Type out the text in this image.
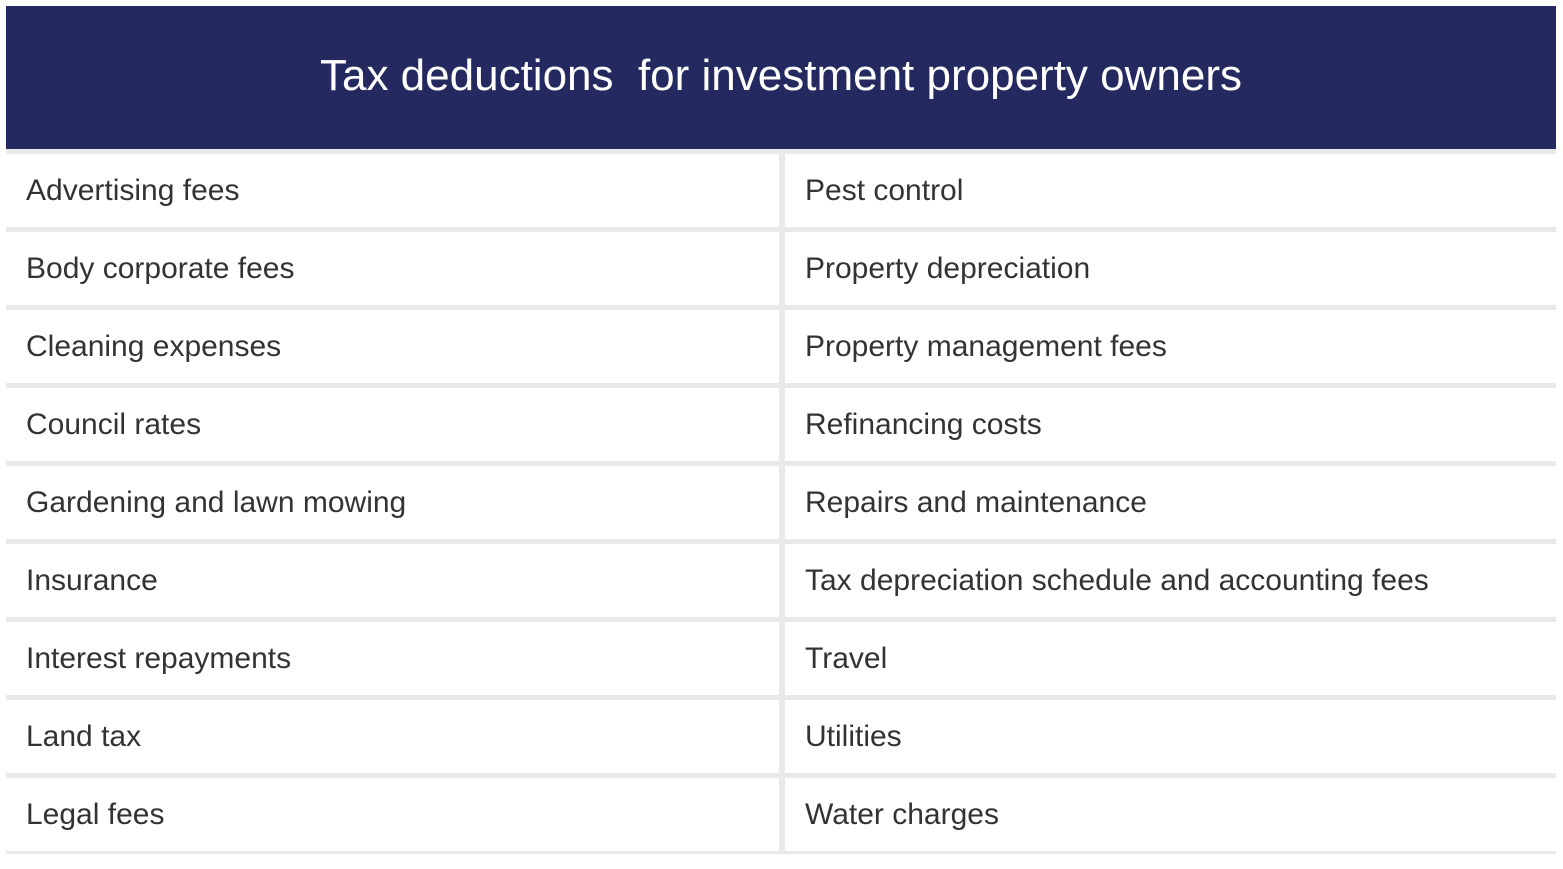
Tax deductions  for investment property owners
Advertising fees	Pest control
Body corporate fees	Property depreciation
Cleaning expenses	Property management fees
Council rates	Refinancing costs
Gardening and lawn mowing	Repairs and maintenance
Insurance	Tax depreciation schedule and accounting fees
Interest repayments	Travel
Land tax	Utilities
Legal fees	Water charges
